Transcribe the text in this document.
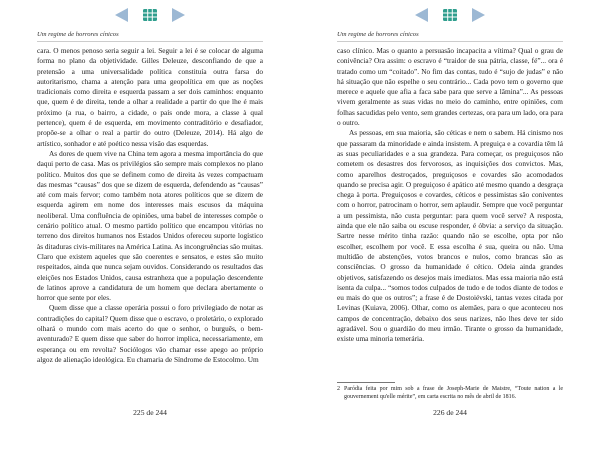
Um regime de horrores cínicos

cara. O menos penoso seria seguir a lei. Seguir a lei é se colocar de alguma forma no plano da objetividade. Gilles Deleuze, desconfiando de que a pretensão a uma universalidade política constituía outra farsa do autoritarismo, chama a atenção para uma geopolítica em que as noções tradicionais como direita e esquerda passam a ser dois caminhos: enquanto que, quem é de direita, tende a olhar a realidade a partir do que lhe é mais próximo (a rua, o bairro, a cidade, o país onde mora, a classe à qual pertence), quem é de esquerda, em movimento contraditório e desafiador, propõe-se a olhar o real a partir do outro (Deleuze, 2014). Há algo de artístico, sonhador e até poético nessa visão das esquerdas.

As dores de quem vive na China tem agora a mesma importância do que daqui perto de casa. Mas os privilégios são sempre mais complexos no plano político. Muitos dos que se definem como de direita às vezes compactuam das mesmas “causas” dos que se dizem de esquerda, defendendo as “causas” até com mais fervor; como também nota atores políticos que se dizem de esquerda agirem em nome dos interesses mais escusos da máquina neoliberal. Uma confluência de opiniões, uma babel de interesses compõe o cenário político atual. O mesmo partido político que encampou vitórias no terreno dos direitos humanos nos Estados Unidos ofereceu suporte logístico às ditaduras civis-militares na América Latina. As incongruências são muitas. Claro que existem aqueles que são coerentes e sensatos, e estes são muito respeitados, ainda que nunca sejam ouvidos. Considerando os resultados das eleições nos Estados Unidos, causa estranheza que a população descendente de latinos aprove a candidatura de um homem que declara abertamente o horror que sente por eles.

Quem disse que a classe operária possui o foro privilegiado de notar as contradições do capital? Quem disse que o escravo, o proletário, o explorado olhará o mundo com mais acerto do que o senhor, o burguês, o bem-aventurado? E quem disse que saber do horror implica, necessariamente, em esperança ou em revolta? Sociólogos vão chamar esse apego ao próprio algoz de alienação ideológica. Eu chamaria de Síndrome de Estocolmo. Um

225 de 244
Um regime de horrores cínicos

caso clínico. Mas o quanto a persuasão incapacita a vítima? Qual o grau de conivência? Ora assim: o escravo é “traidor de sua pátria, classe, fé”... ora é tratado como um “coitado”. No fim das contas, tudo é “sujo de judas” e não há situação que não espelhe o seu contrário... Cada povo tem o governo que merece e aquele que afia a faca sabe para que serve a lâmina”... As pessoas vivem geralmente as suas vidas no meio do caminho, entre opiniões, com folhas sacudidas pelo vento, sem grandes certezas, ora para um lado, ora para o outro.

As pessoas, em sua maioria, são céticas e nem o sabem. Há cinismo nos que passaram da minoridade e ainda insistem. A preguiça e a covardia têm lá as suas peculiaridades e a sua grandeza. Para começar, os preguiçosos não cometem os desastres dos fervorosos, as inquisições dos convictos. Mas, como aparelhos destroçados, preguiçosos e covardes são acomodados quando se precisa agir. O preguiçoso é apático até mesmo quando a desgraça chega à porta. Preguiçosos e covardes, céticos e pessimistas são coniventes com o horror, patrocinam o horror, sem aplaudir. Sempre que você perguntar a um pessimista, não custa perguntar: para quem você serve? A resposta, ainda que ele não saiba ou escuse responder, é óbvia: a serviço da situação. Sartre nesse mérito tinha razão: quando não se escolhe, opta por não escolher, escolhem por você. E essa escolha é sua, queira ou não. Uma multidão de abstenções, votos brancos e nulos, como brancas são as consciências. O grosso da humanidade é cético. Odeia ainda grandes objetivos, satisfazendo os desejos mais imediatos. Mas essa maioria não está isenta da culpa... “somos todos culpados de tudo e de todos diante de todos e eu mais do que os outros”; a frase é de Dostoiévski, tantas vezes citada por Levinas (Kuiava, 2006). Olhar, como os alemães, para o que aconteceu nos campos de concentração, debaixo dos seus narizes, não lhes deve ter sido agradável. Sou o guardião do meu irmão. Tirante o grosso da humanidade, existe uma minoria temerária.

2 Paródia feita por mim sob a frase de Joseph-Marie de Maistre, “Toute nation a le gouvernement qu'elle mérite”, em carta escrita no mês de abril de 1816.
226 de 244
